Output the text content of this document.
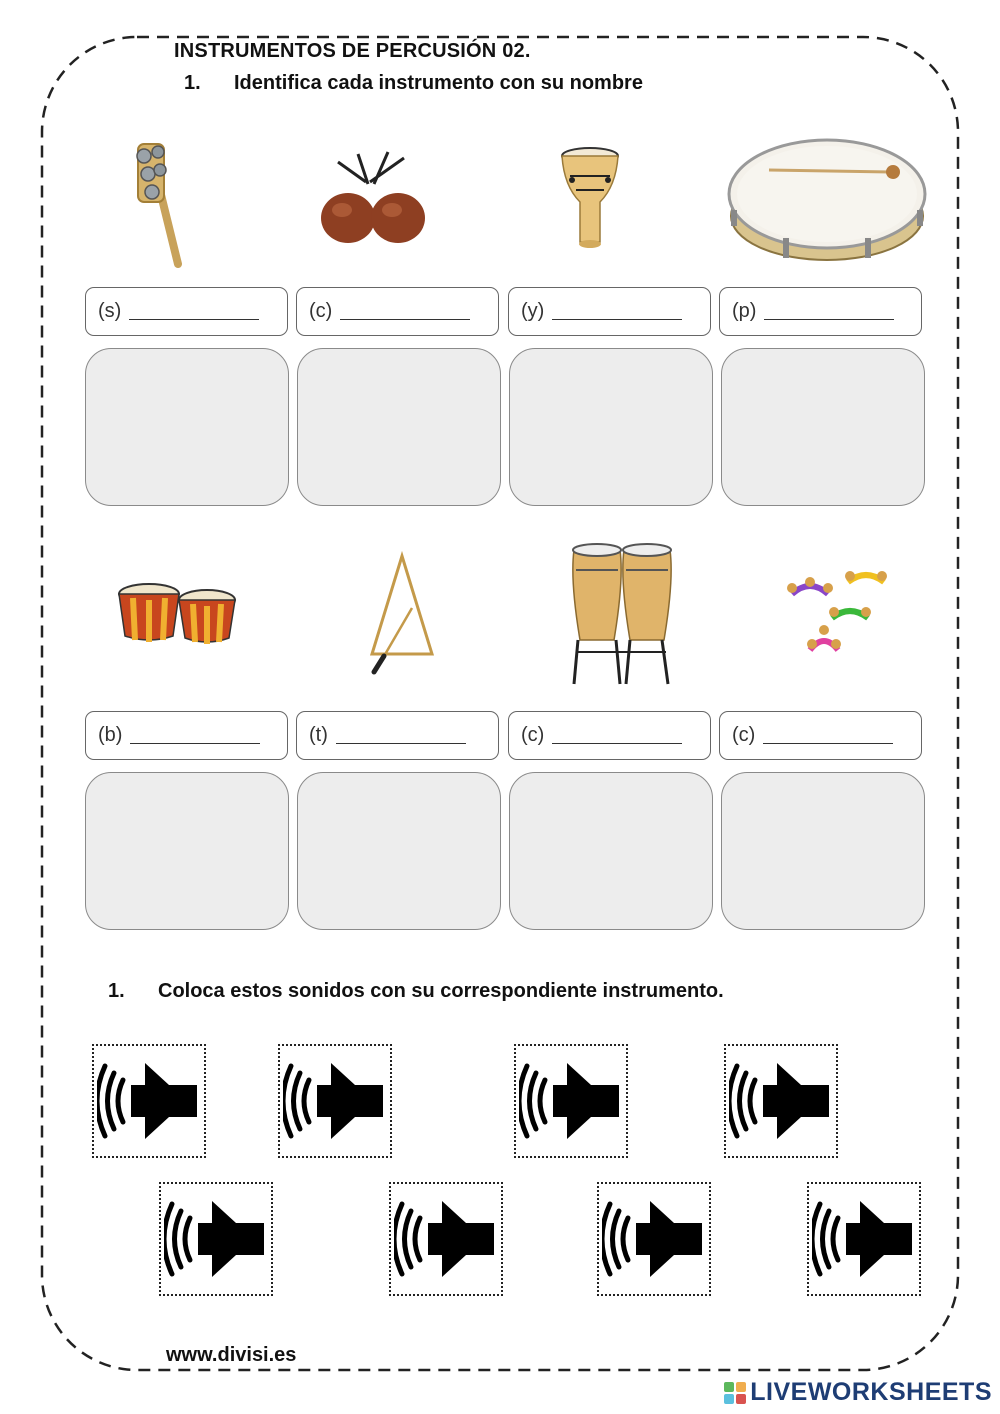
INSTRUMENTOS DE PERCUSIÓN 02.
1. Identifica cada instrumento con su nombre
(s)	(c)	(y)	(p)
(b)	(t)	(c)	(c)
1. Coloca estos sonidos con su correspondiente instrumento.
www.divisi.es
LIVEWORKSHEETS
